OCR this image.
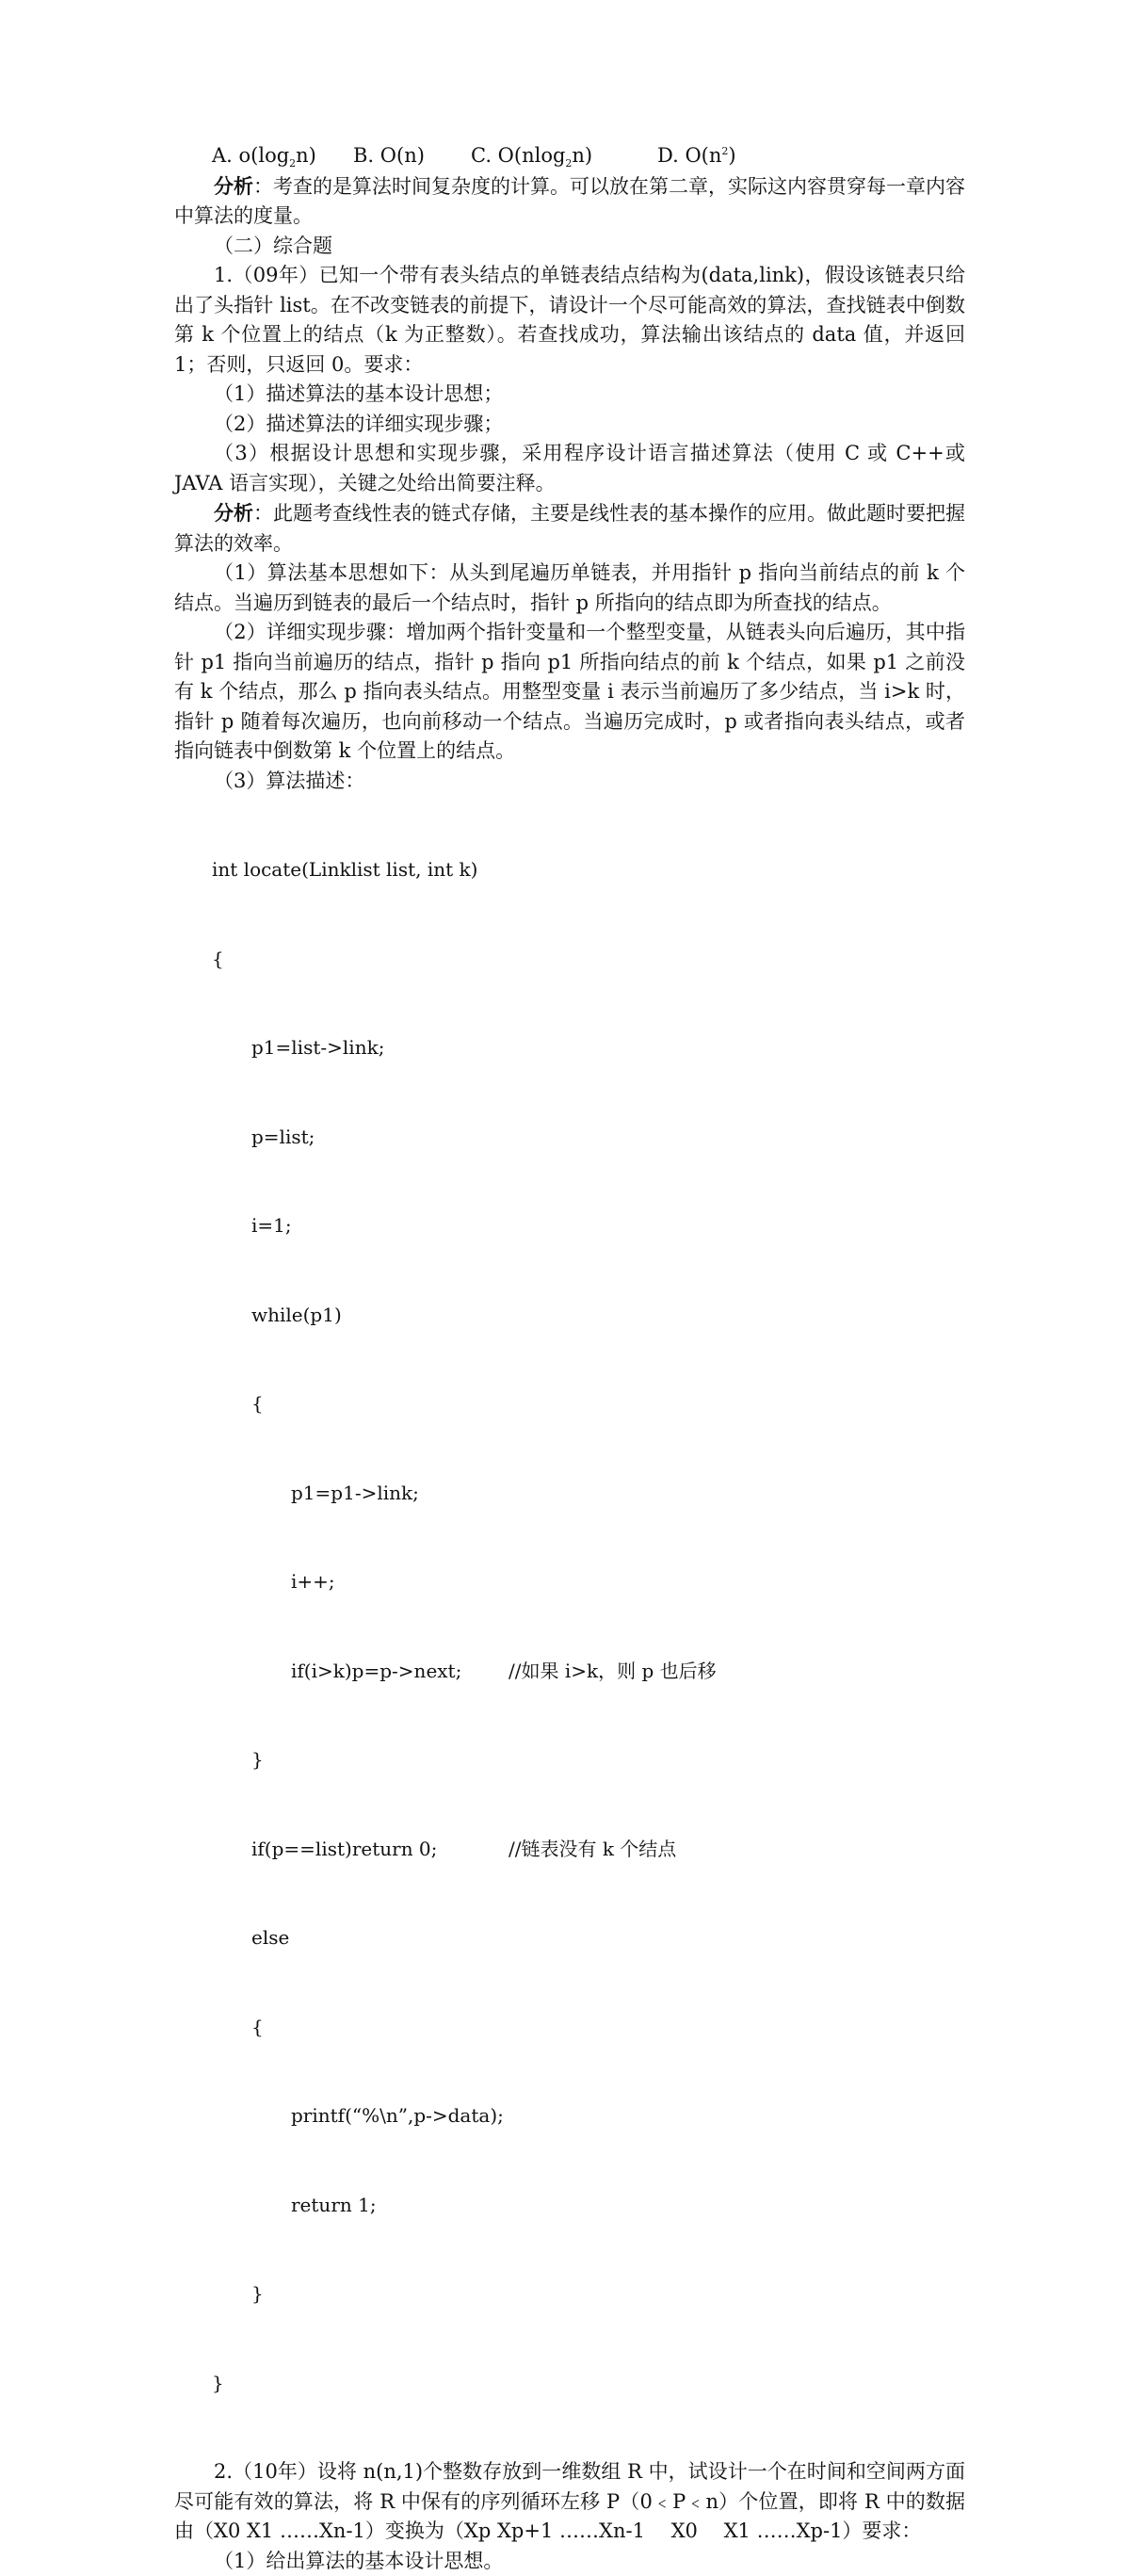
A. $o(\log_2n)$ B. O(n) C. O(nlog$_2$n)	D. $O(n^2)$

分析：考查的是算法时间复杂度的计算。可以放在第二章，实际这内容贯穿每一章内容中算法的度量。

（二）综合题

1.（09年）已知一个带有表头结点的单链表结点结构为(data,link)，假设该链表只给出了头指针 list。在不改变链表的前提下，请设计一个尽可能高效的算法，查找链表中倒数第 k 个位置上的结点（k 为正整数）。若查找成功，算法输出该结点的 data 值，并返回 1；否则，只返回 0。要求：

（1）描述算法的基本设计思想；

（2）描述算法的详细实现步骤；

（3）根据设计思想和实现步骤，采用程序设计语言描述算法（使用 C 或 C++或 JAVA 语言实现），关键之处给出简要注释。

分析：此题考查线性表的链式存储，主要是线性表的基本操作的应用。做此题时要把握算法的效率。

（1）算法基本思想如下：从头到尾遍历单链表，并用指针 p 指向当前结点的前 k 个结点。当遍历到链表的最后一个结点时，指针 p 所指向的结点即为所查找的结点。

（2）详细实现步骤：增加两个指针变量和一个整型变量，从链表头向后遍历，其中指针 p1 指向当前遍历的结点，指针 p 指向 p1 所指向结点的前 k 个结点，如果 p1 之前没有 k 个结点，那么 p 指向表头结点。用整型变量 i 表示当前遍历了多少结点，当 i>k 时，指针 p 随着每次遍历，也向前移动一个结点。当遍历完成时，p 或者指向表头结点，或者指向链表中倒数第 k 个位置上的结点。

（3）算法描述：

int locate(Linklist list, int k)

{

p1=list->link;

p=list;

i=1;

while(p1)

{

p1=p1->link;

i++;

if(i>k)p=p->next; //如果 i>k，则 p 也后移

}

if(p==list)return 0;	//链表没有 k 个结点

else

{

printf(“%\n”,p->data);

return 1;

}

}

2.（10年）设将 n(n,1)个整数存放到一维数组 R 中，试设计一个在时间和空间两方面尽可能有效的算法，将 R 中保有的序列循环左移 P（0﹤P﹤n）个位置，即将 R 中的数据由（X0 X1 ……Xn-1）变换为（Xp Xp+1 ……Xn-1　 X0　 X1 ……Xp-1）要求：

（1）给出算法的基本设计思想。
